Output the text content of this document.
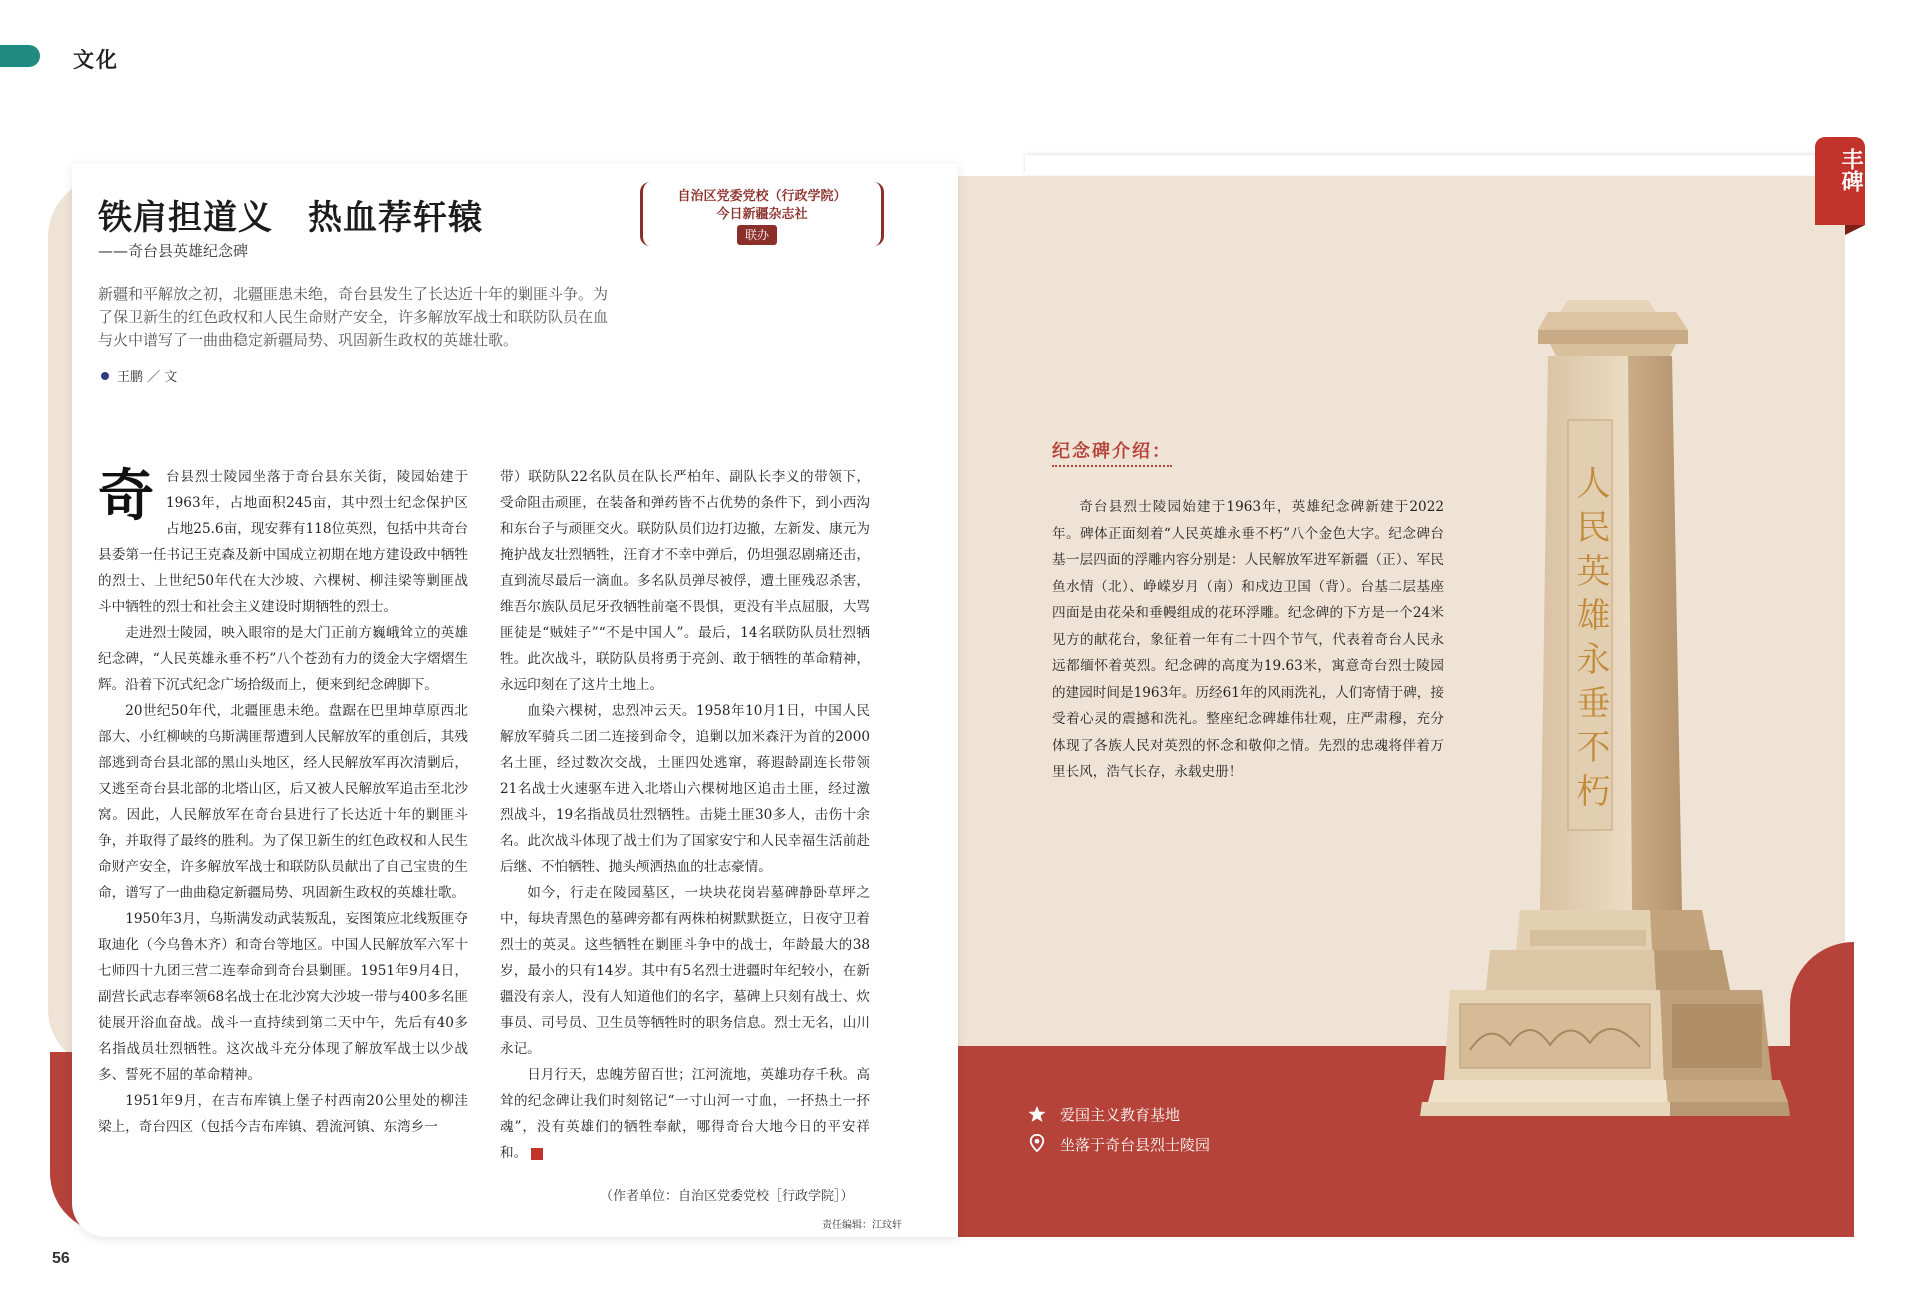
文化
铁肩担道义　热血荐轩辕
——奇台县英雄纪念碑
自治区党委党校（行政学院）
今日新疆杂志社
联办
新疆和平解放之初，北疆匪患未绝，奇台县发生了长达近十年的剿匪斗争。为了保卫新生的红色政权和人民生命财产安全，许多解放军战士和联防队员在血与火中谱写了一曲曲稳定新疆局势、巩固新生政权的英雄壮歌。
王鹏 ／ 文

奇台县烈士陵园坐落于奇台县东关街，陵园始建于1963年，占地面积245亩，其中烈士纪念保护区占地25.6亩，现安葬有118位英烈，包括中共奇台县委第一任书记王克森及新中国成立初期在地方建设政中牺牲的烈士、上世纪50年代在大沙坡、六棵树、柳洼梁等剿匪战斗中牺牲的烈士和社会主义建设时期牺牲的烈士。

走进烈士陵园，映入眼帘的是大门正前方巍峨耸立的英雄纪念碑，“人民英雄永垂不朽”八个苍劲有力的烫金大字熠熠生辉。沿着下沉式纪念广场拾级而上，便来到纪念碑脚下。

20世纪50年代，北疆匪患未绝。盘踞在巴里坤草原西北部大、小红柳峡的乌斯满匪帮遭到人民解放军的重创后，其残部逃到奇台县北部的黑山头地区，经人民解放军再次清剿后，又逃至奇台县北部的北塔山区，后又被人民解放军追击至北沙窝。因此，人民解放军在奇台县进行了长达近十年的剿匪斗争，并取得了最终的胜利。为了保卫新生的红色政权和人民生命财产安全，许多解放军战士和联防队员献出了自己宝贵的生命，谱写了一曲曲稳定新疆局势、巩固新生政权的英雄壮歌。

1950年3月，乌斯满发动武装叛乱，妄图策应北线叛匪夺取迪化（今乌鲁木齐）和奇台等地区。中国人民解放军六军十七师四十九团三营二连奉命到奇台县剿匪。1951年9月4日，副营长武志春率领68名战士在北沙窝大沙坡一带与400多名匪徒展开浴血奋战。战斗一直持续到第二天中午，先后有40多名指战员壮烈牺牲。这次战斗充分体现了解放军战士以少战多、誓死不屈的革命精神。

1951年9月，在吉布库镇上堡子村西南20公里处的柳洼梁上，奇台四区（包括今吉布库镇、碧流河镇、东湾乡一

带）联防队22名队员在队长严柏年、副队长李义的带领下，受命阻击顽匪，在装备和弹药皆不占优势的条件下，到小西沟和东台子与顽匪交火。联防队员们边打边撤，左新发、康元为掩护战友壮烈牺牲，汪育才不幸中弹后，仍坦强忍剧痛还击，直到流尽最后一滴血。多名队员弹尽被俘，遭土匪残忍杀害，维吾尔族队员尼牙孜牺牲前毫不畏惧，更没有半点屈服，大骂匪徒是“贼娃子”“不是中国人”。最后，14名联防队员壮烈牺牲。此次战斗，联防队员将勇于亮剑、敢于牺牲的革命精神，永远印刻在了这片土地上。

血染六棵树，忠烈冲云天。1958年10月1日，中国人民解放军骑兵二团二连接到命令，追剿以加米森汗为首的2000名土匪，经过数次交战，土匪四处逃窜，蒋遐龄副连长带领21名战士火速驱车进入北塔山六棵树地区追击土匪，经过激烈战斗，19名指战员壮烈牺牲。击毙土匪30多人，击伤十余名。此次战斗体现了战士们为了国家安宁和人民幸福生活前赴后继、不怕牺牲、抛头颅洒热血的壮志豪情。

如今，行走在陵园墓区，一块块花岗岩墓碑静卧草坪之中，每块青黑色的墓碑旁都有两株柏树默默挺立，日夜守卫着烈士的英灵。这些牺牲在剿匪斗争中的战士，年龄最大的38岁，最小的只有14岁。其中有5名烈士进疆时年纪较小，在新疆没有亲人，没有人知道他们的名字，墓碑上只刻有战士、炊事员、司号员、卫生员等牺牲时的职务信息。烈士无名，山川永记。

日月行天，忠魄芳留百世；江河流地，英雄功存千秋。高耸的纪念碑让我们时刻铭记“一寸山河一寸血，一抔热土一抔魂”，没有英雄们的牺牲奉献，哪得奇台大地今日的平安祥和。

（作者单位：自治区党委党校［行政学院］）
责任编辑：江玟轩
56
丰碑
纪念碑介绍：

奇台县烈士陵园始建于1963年，英雄纪念碑新建于2022年。碑体正面刻着“人民英雄永垂不朽”八个金色大字。纪念碑台基一层四面的浮雕内容分别是：人民解放军进军新疆（正）、军民鱼水情（北）、峥嵘岁月（南）和戍边卫国（背）。台基二层基座四面是由花朵和垂幔组成的花环浮雕。纪念碑的下方是一个24米见方的献花台，象征着一年有二十四个节气，代表着奇台人民永远都缅怀着英烈。纪念碑的高度为19.63米，寓意奇台烈士陵园的建园时间是1963年。历经61年的风雨洗礼，人们寄情于碑，接受着心灵的震撼和洗礼。整座纪念碑雄伟壮观，庄严肃穆，充分体现了各族人民对英烈的怀念和敬仰之情。先烈的忠魂将伴着万里长风，浩气长存，永载史册！	人民英雄永垂不朽
爱国主义教育基地
坐落于奇台县烈士陵园
